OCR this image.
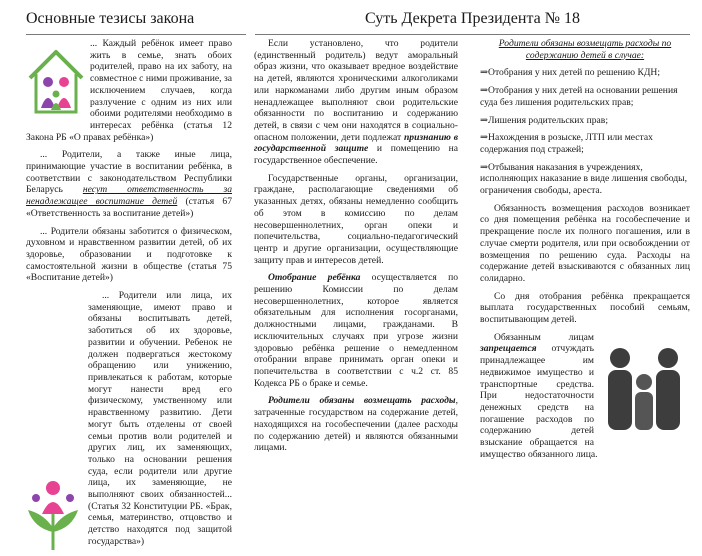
Основные тезисы закона	Суть Декрета Президента № 18

... Каждый ребёнок имеет право жить в семье, знать обоих родителей, право на их заботу, на совместное с ними проживание, за исключением случаев, когда разлучение с одним из них или обоими родителями необходимо в интересах ребёнка (статья 12 Закона РБ «О правах ребёнка»)

... Родители, а также иные лица, принимающие участие в воспитании ребёнка, в соответствии с законодательством Республики Беларусь несут ответственность за ненадлежащее воспитание детей (статья 67 «Ответственность за воспитание детей»)

... Родители обязаны заботится о физическом, духовном и нравственном развитии детей, об их здоровье, образовании и подготовке к самостоятельной жизни в обществе (статья 75 «Воспитание детей»)

... Родители или лица, их заменяющие, имеют право и обязаны воспитывать детей, заботиться об их здоровье, развитии и обучении. Ребенок не должен подвергаться жестокому обращению или унижению, привлекаться к работам, которые могут нанести вред его физическому, умственному или нравственному развитию. Дети могут быть отделены от своей семьи против воли родителей и других лиц, их заменяющих, только на основании решения суда, если родители или другие лица, их заменяющие, не выполняют своих обязанностей...(Статья 32 Конституции РБ. «Брак, семья, материнство, отцовство и детство находятся под защитой государства»)

Если установлено, что родители (единственный родитель) ведут аморальный образ жизни, что оказывает вредное воздействие на детей, являются хроническими алкоголиками или наркоманами либо другим иным образом ненадлежащее выполняют свои родительские обязанности по воспитанию и содержанию детей, в связи с чем они находятся в социально-опасном положении, дети подлежат признанию в государственной защите и помещению на государственное обеспечение.

Государственные органы, организации, граждане, располагающие сведениями об указанных детях, обязаны немедленно сообщить об этом в комиссию по делам несовершеннолетних, орган опеки и попечительства, социально-педагогический центр и другие организации, осуществляющие защиту прав и интересов детей.

Отобрание ребёнка осуществляется по решению Комиссии по делам несовершеннолетних, которое является обязательным для исполнения госорганами, должностными лицами, гражданами. В исключительных случаях при угрозе жизни здоровью ребёнка решение о немедленном отобрании вправе принимать орган опеки и попечительства в соответствии с ч.2 ст. 85 Кодекса РБ о браке и семье.

Родители обязаны возмещать расходы, затраченные государством на содержание детей, находящихся на гособеспечении (далее расходы по содержанию детей) и являются обязанными лицами.

Родители обязаны возмещать расходы по содержанию детей в случае:
⇒Отобрания у них детей по решению КДН;
⇒Отобрания у них детей на основании решения суда без лишения родительских прав;
⇒Лишения родительских прав;
⇒Нахождения в розыске, ЛТП или местах содержания под стражей;
⇒Отбывания наказания в учреждениях, исполняющих наказание в виде лишения свободы, ограничения свободы, ареста.

Обязанность возмещения расходов возникает со дня помещения ребёнка на гособеспечение и прекращение после их полного погашения, или в случае смерти родителя, или при освобождении от возмещения по решению суда. Расходы на содержание детей взыскиваются с обязанных лиц солидарно.

Со дня отобрания ребёнка прекращается выплата государственных пособий семьям, воспитывающим детей.

Обязанным лицам запрещается отчуждать принадлежащее им недвижимое имущество и транспортные средства. При недостаточности денежных средств на погашение расходов по содержанию детей взыскание обращается на имущество обязанного лица.
